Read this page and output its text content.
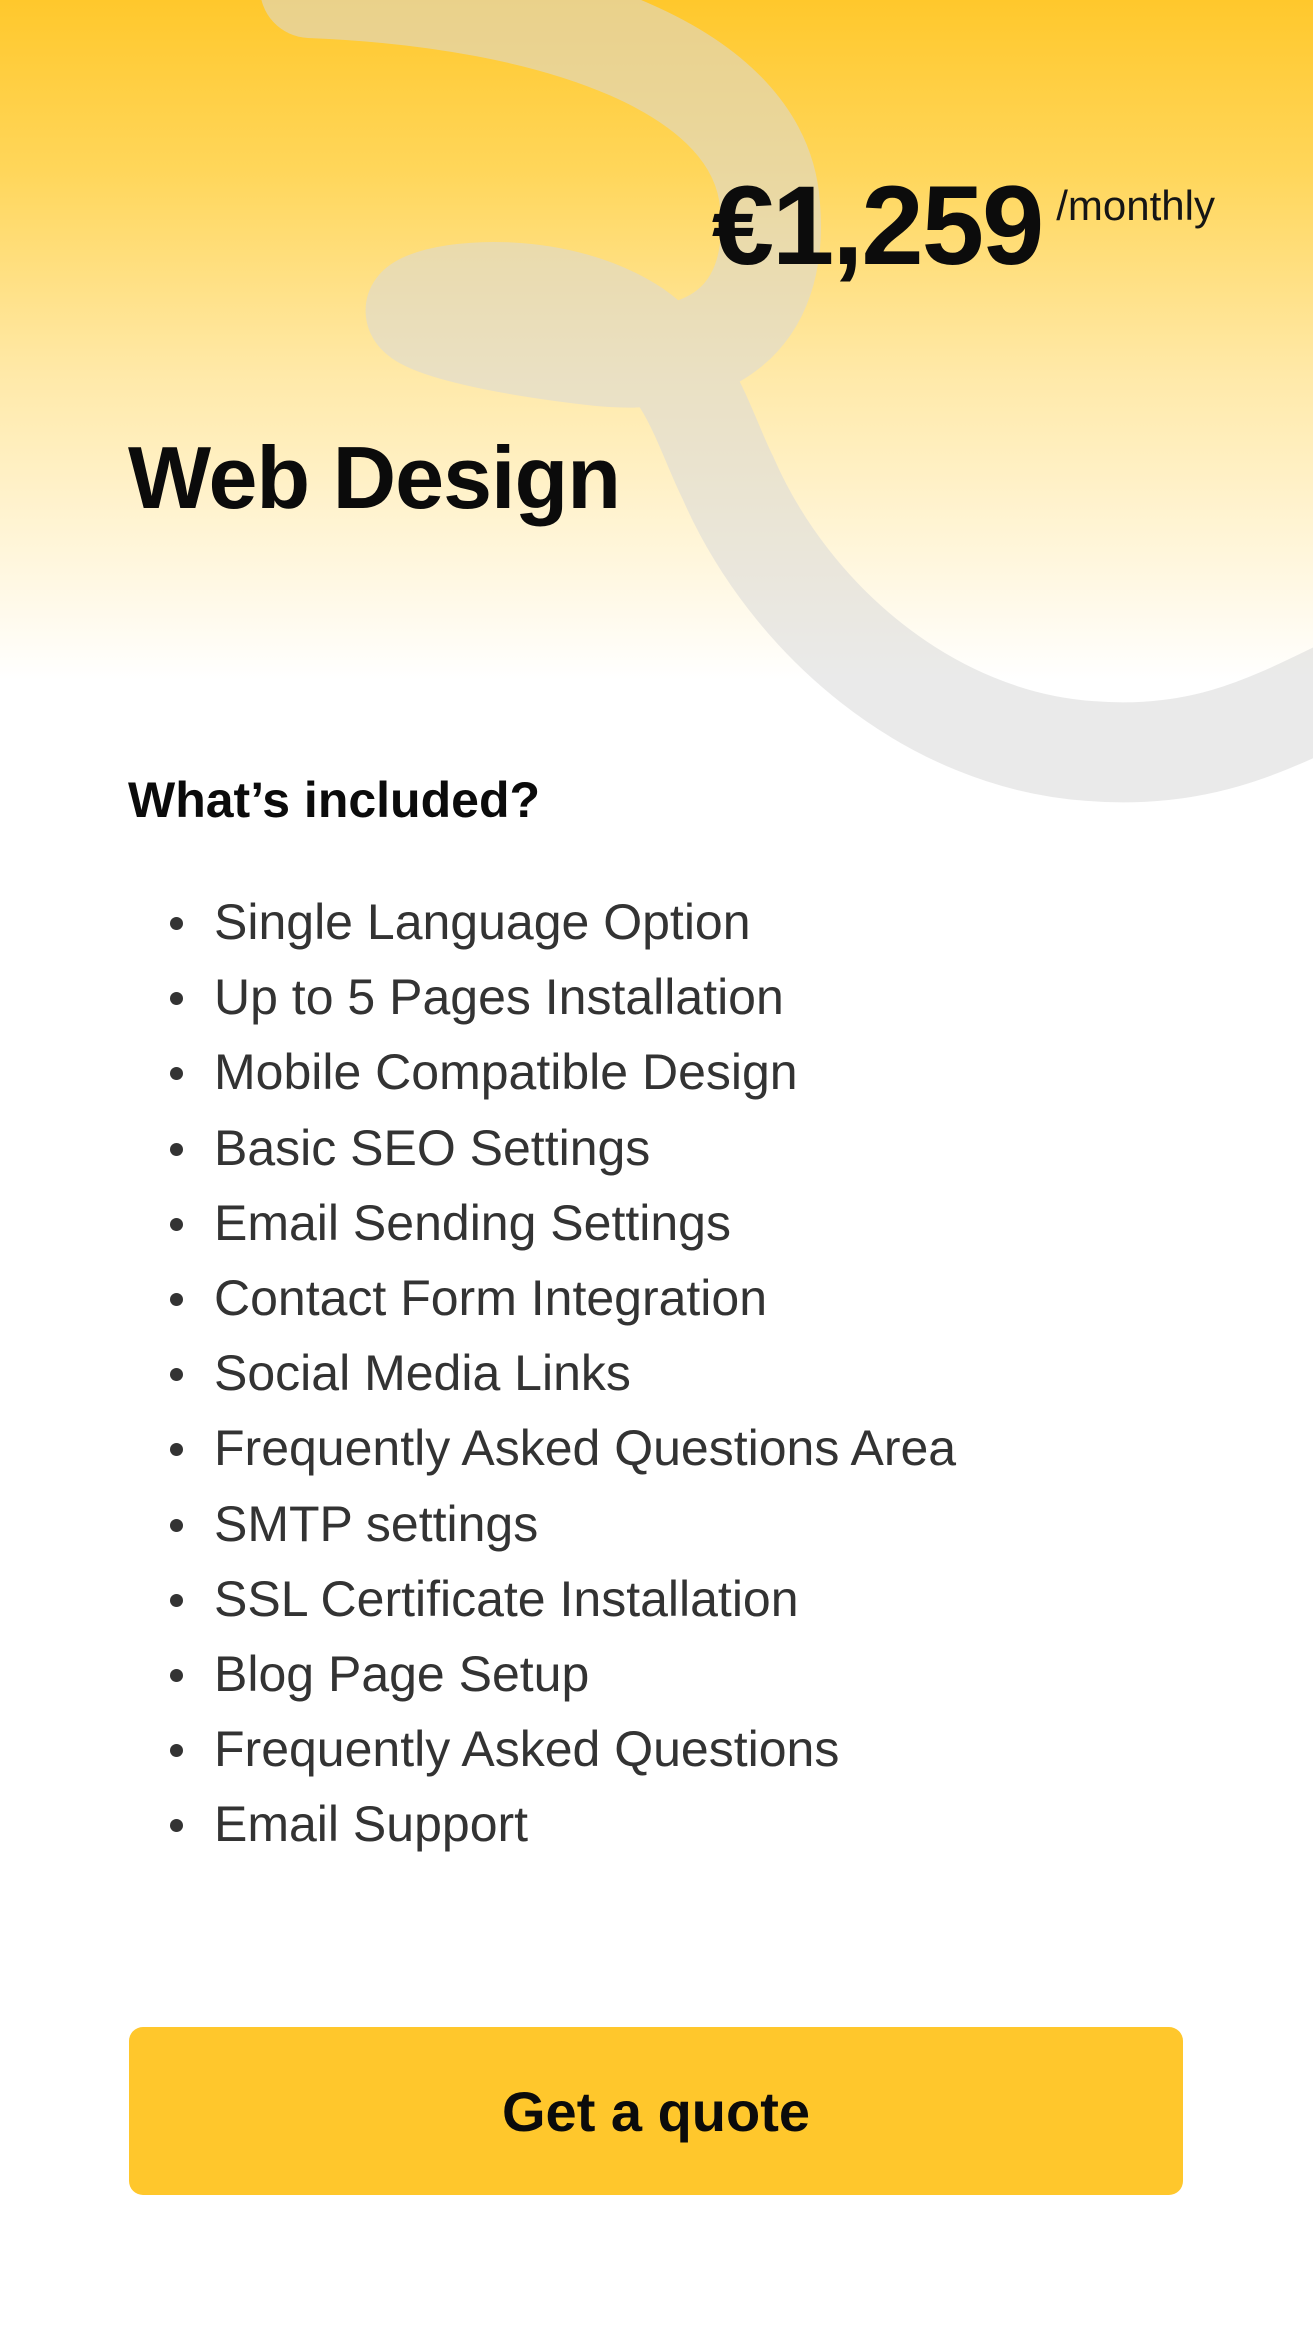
€1,259 /monthly
Web Design
What’s included?
Single Language Option
Up to 5 Pages Installation
Mobile Compatible Design
Basic SEO Settings
Email Sending Settings
Contact Form Integration
Social Media Links
Frequently Asked Questions Area
SMTP settings
SSL Certificate Installation
Blog Page Setup
Frequently Asked Questions
Email Support
Get a quote
